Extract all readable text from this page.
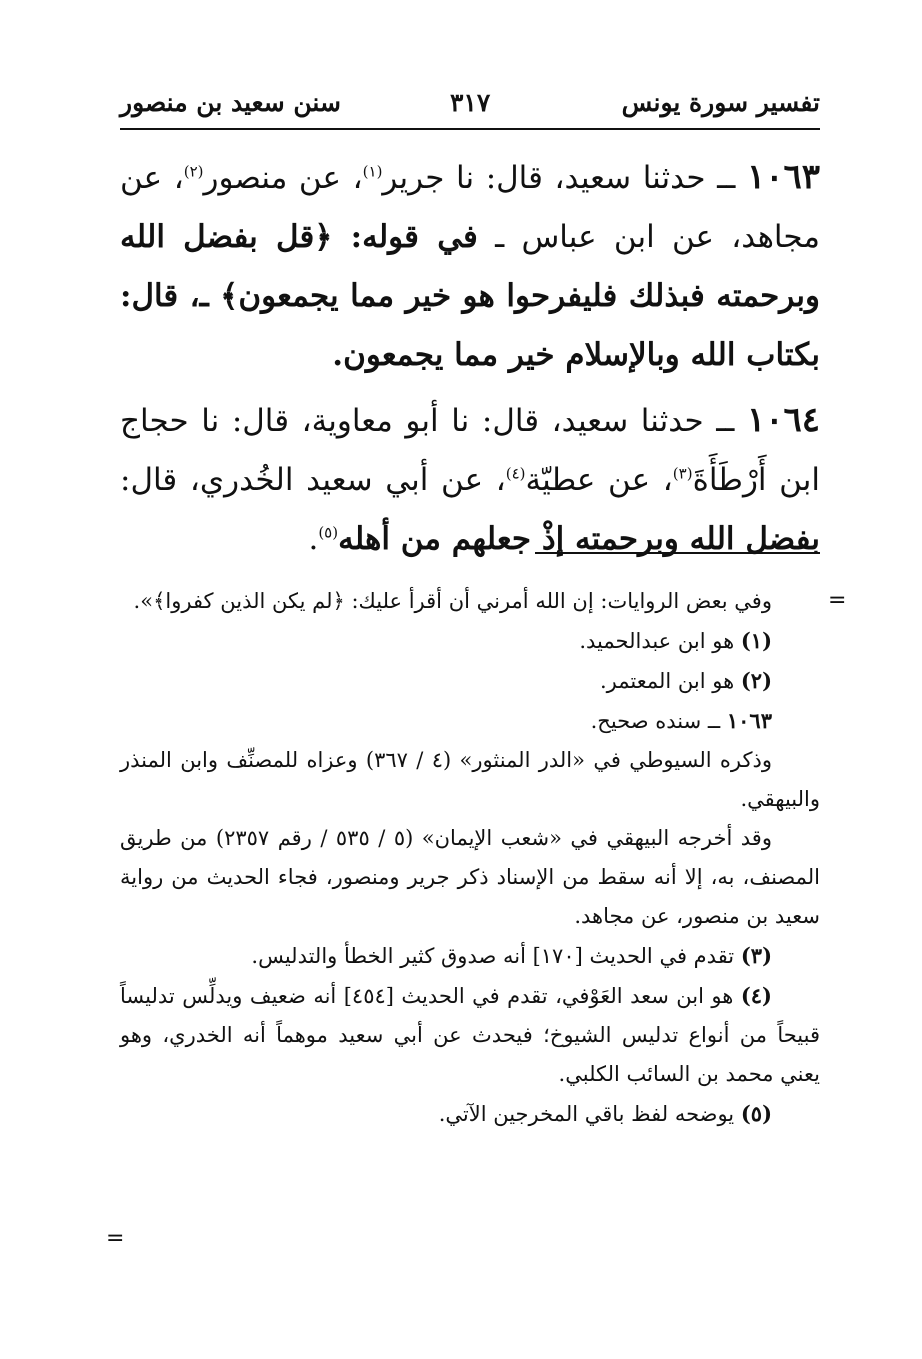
تفسير سورة يونس
٣١٧
سنن سعيد بن منصور

١٠٦٣ ــ حدثنا سعيد، قال: نا جرير$^{(١)}$، عن منصور$^{(٢)}$، عن مجاهد، عن ابن عباس ـ في قوله: ﴿قل بفضل الله وبرحمته فبذلك فليفرحوا هو خير مما يجمعون﴾ ـ، قال: بكتاب الله وبالإسلام خير مما يجمعون.

١٠٦٤ ــ حدثنا سعيد، قال: نا أبو معاوية، قال: نا حجاج ابن أَرْطَأَةَ$^{(٣)}$، عن عطيّة$^{(٤)}$، عن أبي سعيد الخُدري، قال: بفضل الله وبرحمته إذْ جعلهم من أهله$^{(٥)}$.

=
=

وفي بعض الروايات: إن الله أمرني أن أقرأ عليك: ﴿لم يكن الذين كفروا﴾».

(١) هو ابن عبدالحميد.

(٢) هو ابن المعتمر.

١٠٦٣ ــ سنده صحيح.

وذكره السيوطي في «الدر المنثور» (٤ / ٣٦٧) وعزاه للمصنِّف وابن المنذر والبيهقي.

وقد أخرجه البيهقي في «شعب الإيمان» (٥ / ٥٣٥ / رقم ٢٣٥٧) من طريق المصنف، به، إلا أنه سقط من الإسناد ذكر جرير ومنصور، فجاء الحديث من رواية سعيد بن منصور، عن مجاهد.

(٣) تقدم في الحديث [١٧٠] أنه صدوق كثير الخطأ والتدليس.

(٤) هو ابن سعد العَوْفي، تقدم في الحديث [٤٥٤] أنه ضعيف ويدلِّس تدليساً قبيحاً من أنواع تدليس الشيوخ؛ فيحدث عن أبي سعيد موهماً أنه الخدري، وهو يعني محمد بن السائب الكلبي.

(٥) يوضحه لفظ باقي المخرجين الآتي.
